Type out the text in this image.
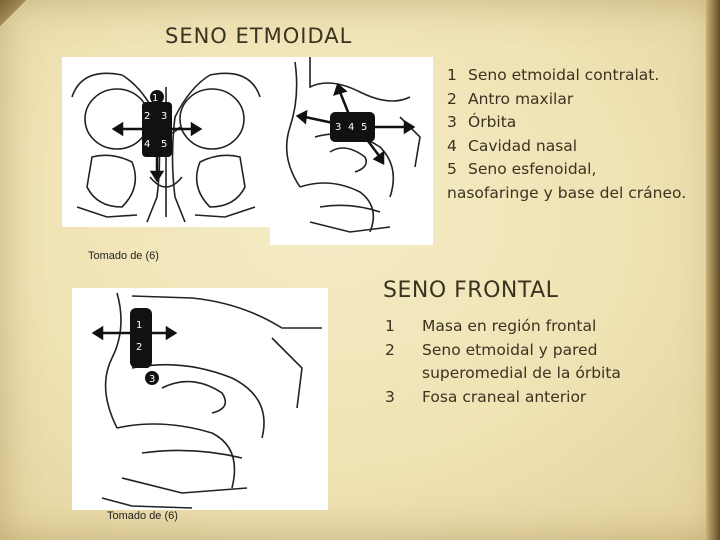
SENO ETMOIDAL
1
2 3
4 5
3 4 5
1 Seno etmoidal contralat.
2 Antro maxilar
3 Órbita
4 Cavidad nasal
5 Seno esfenoidal,
nasofaringe y base del cráneo.
Tomado de (6)
1
2
3
SENO FRONTAL
1	Masa en región frontal
2	Seno etmoidal y pared
superomedial de la órbita
3	Fosa craneal anterior
Tomado de (6)
